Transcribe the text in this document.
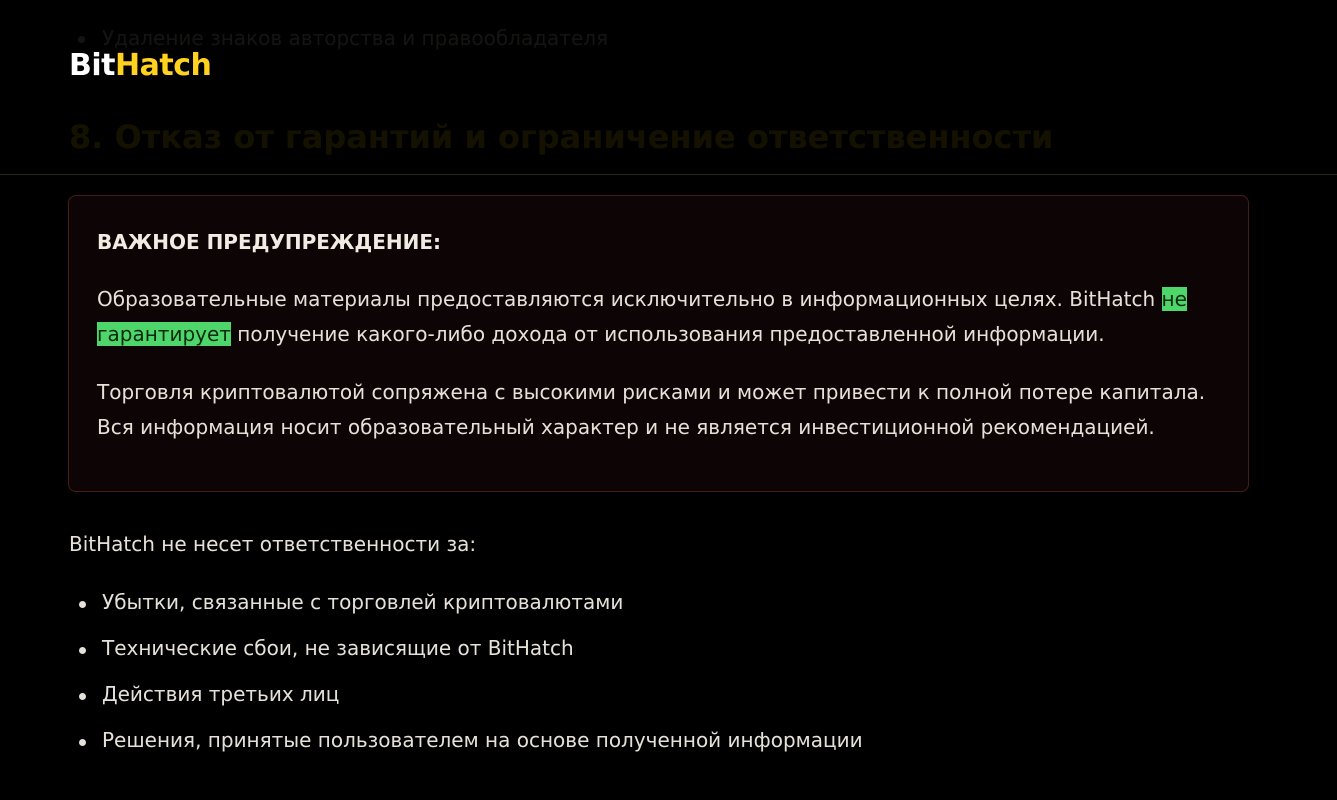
BitHatch
ВАЖНОЕ ПРЕДУПРЕЖДЕНИЕ:

Образовательные материалы предоставляются исключительно в информационных целях. BitHatch не гарантирует получение какого-либо дохода от использования предоставленной информации.

Торговля криптовалютой сопряжена с высокими рисками и может привести к полной потере капитала. Вся информация носит образовательный характер и не является инвестиционной рекомендацией.

BitHatch не несет ответственности за:
Убытки, связанные с торговлей криптовалютами
Технические сбои, не зависящие от BitHatch
Действия третьих лиц
Решения, принятые пользователем на основе полученной информации
